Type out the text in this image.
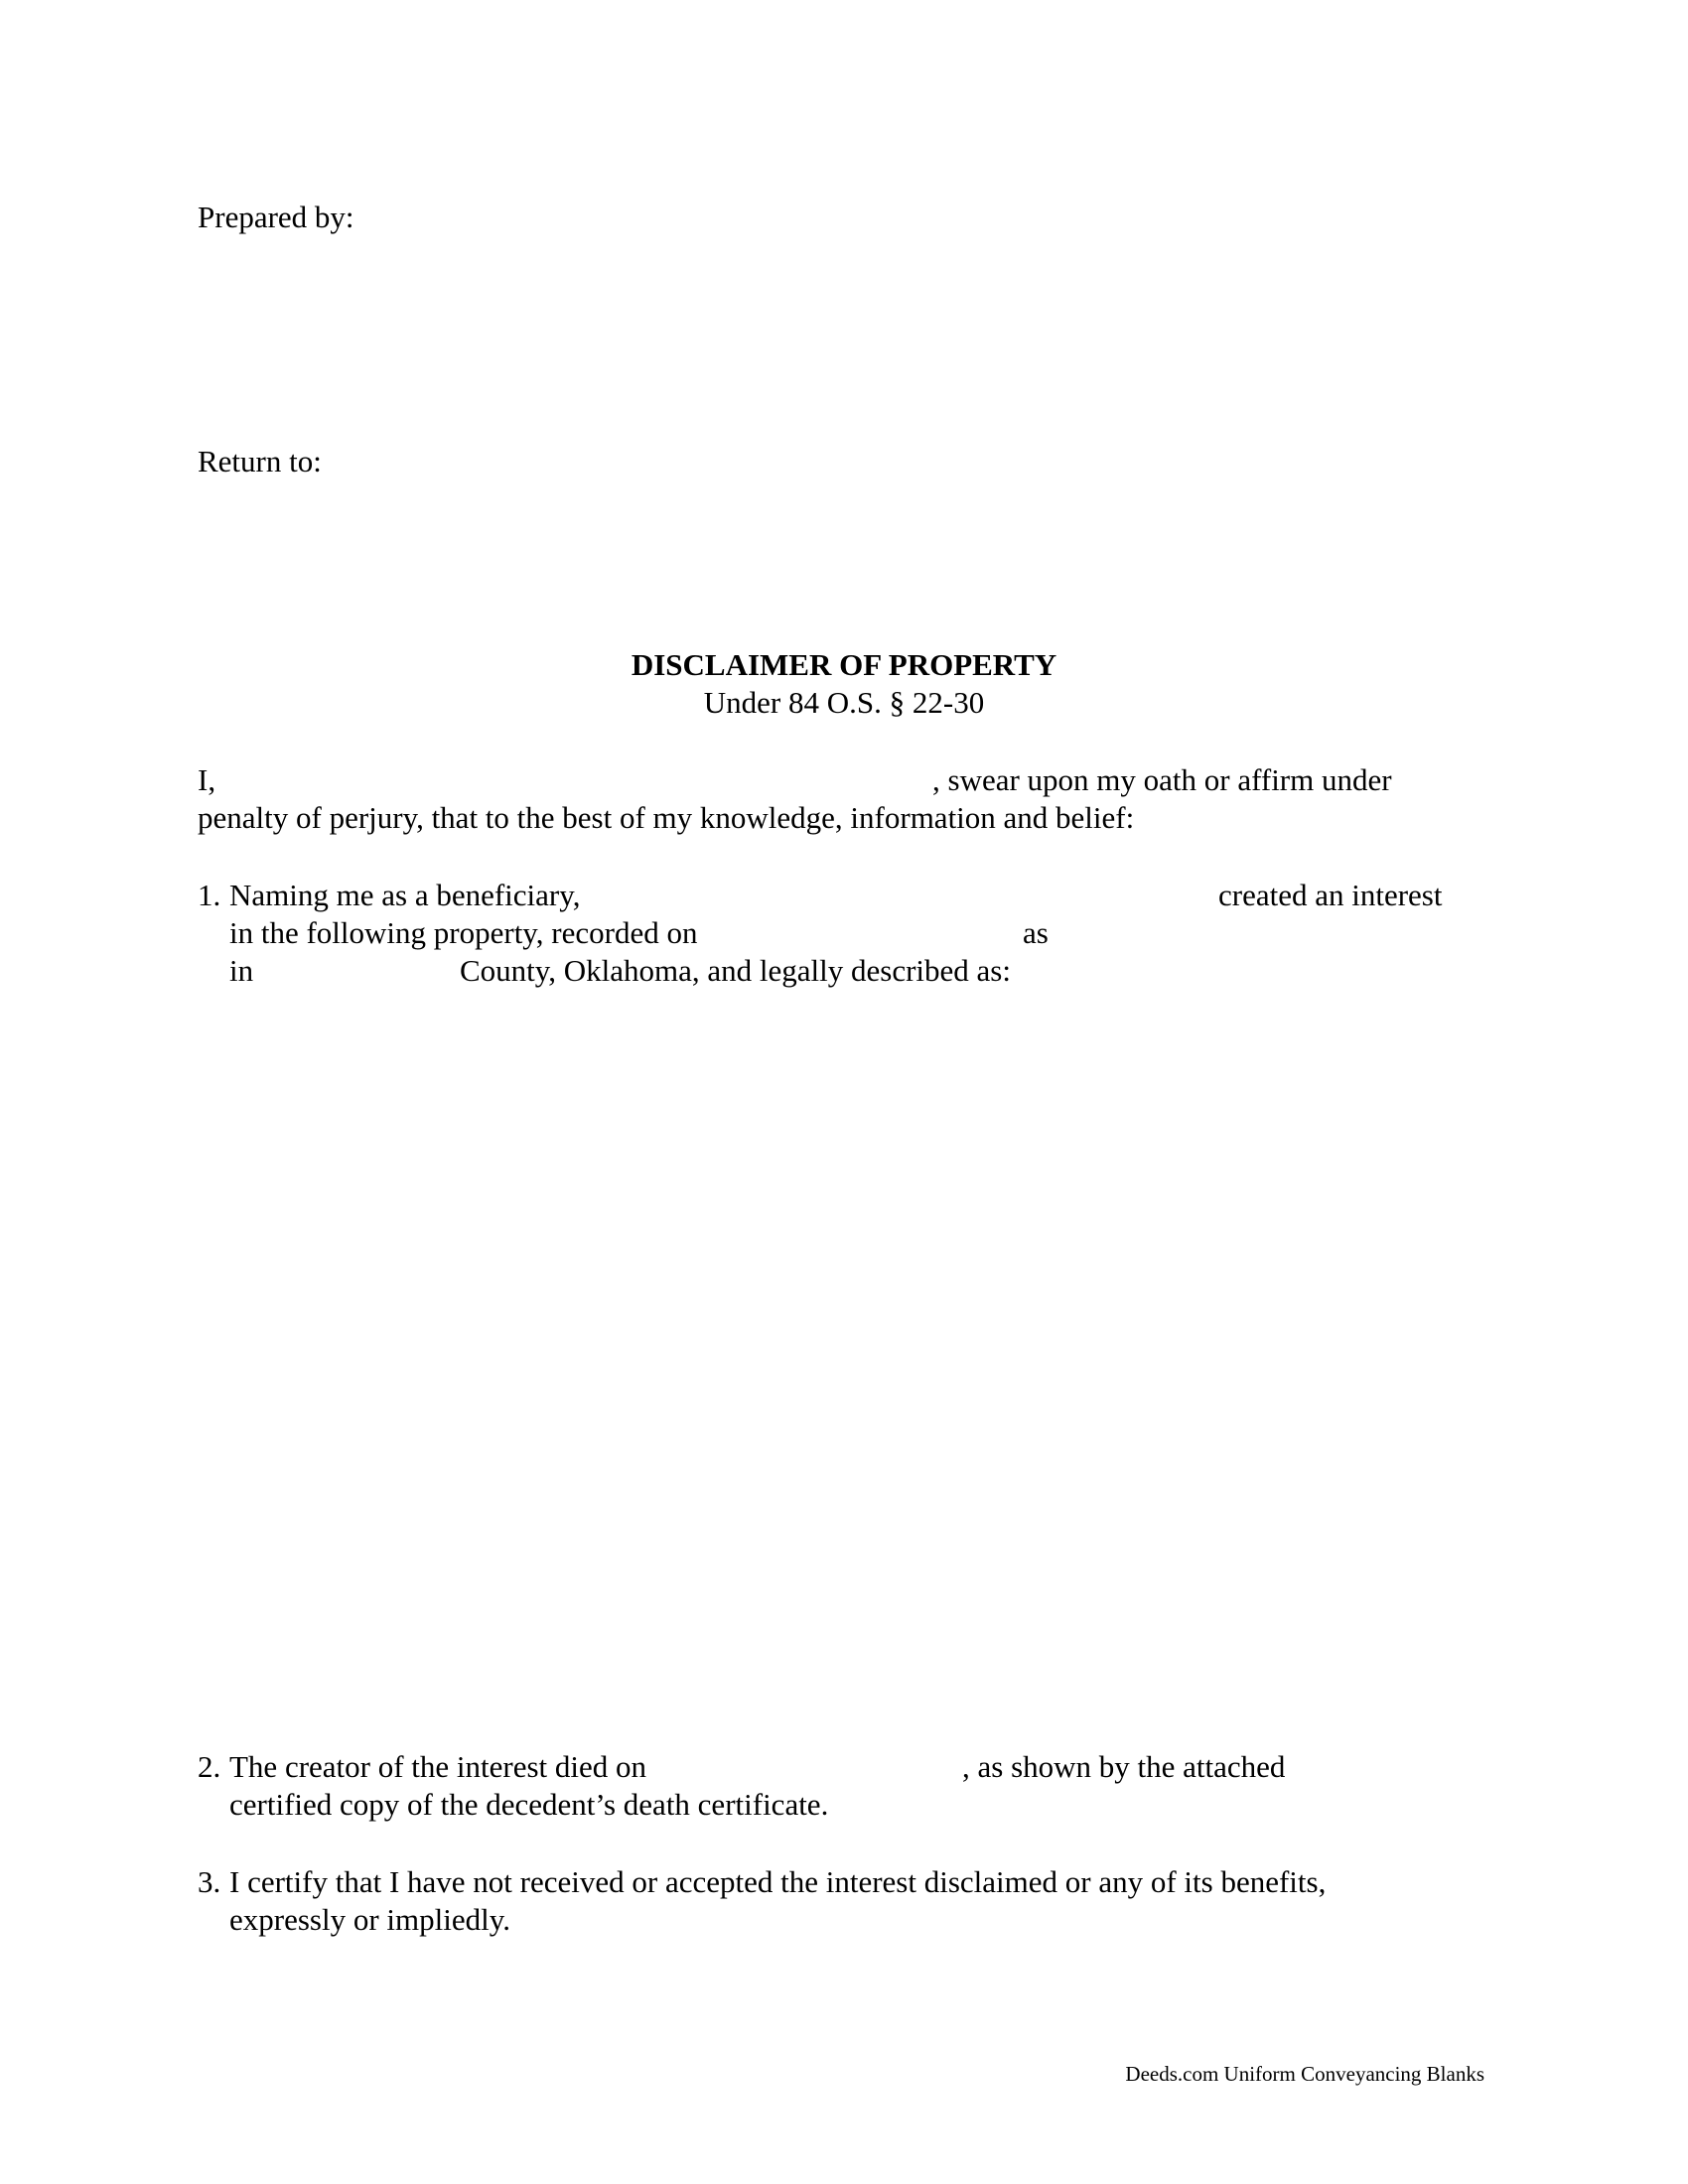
Prepared by:
Return to:
DISCLAIMER OF PROPERTY
Under 84 O.S. § 22-30
I,	, swear upon my oath or affirm under
penalty of perjury, that to the best of my knowledge, information and belief:
1. Naming me as a beneficiary,	created an interest
in the following property, recorded on	as
in	County, Oklahoma, and legally described as:
2. The creator of the interest died on	, as shown by the attached
certified copy of the decedent’s death certificate.
3. I certify that I have not received or accepted the interest disclaimed or any of its benefits,
expressly or impliedly.
Deeds.com Uniform Conveyancing Blanks
